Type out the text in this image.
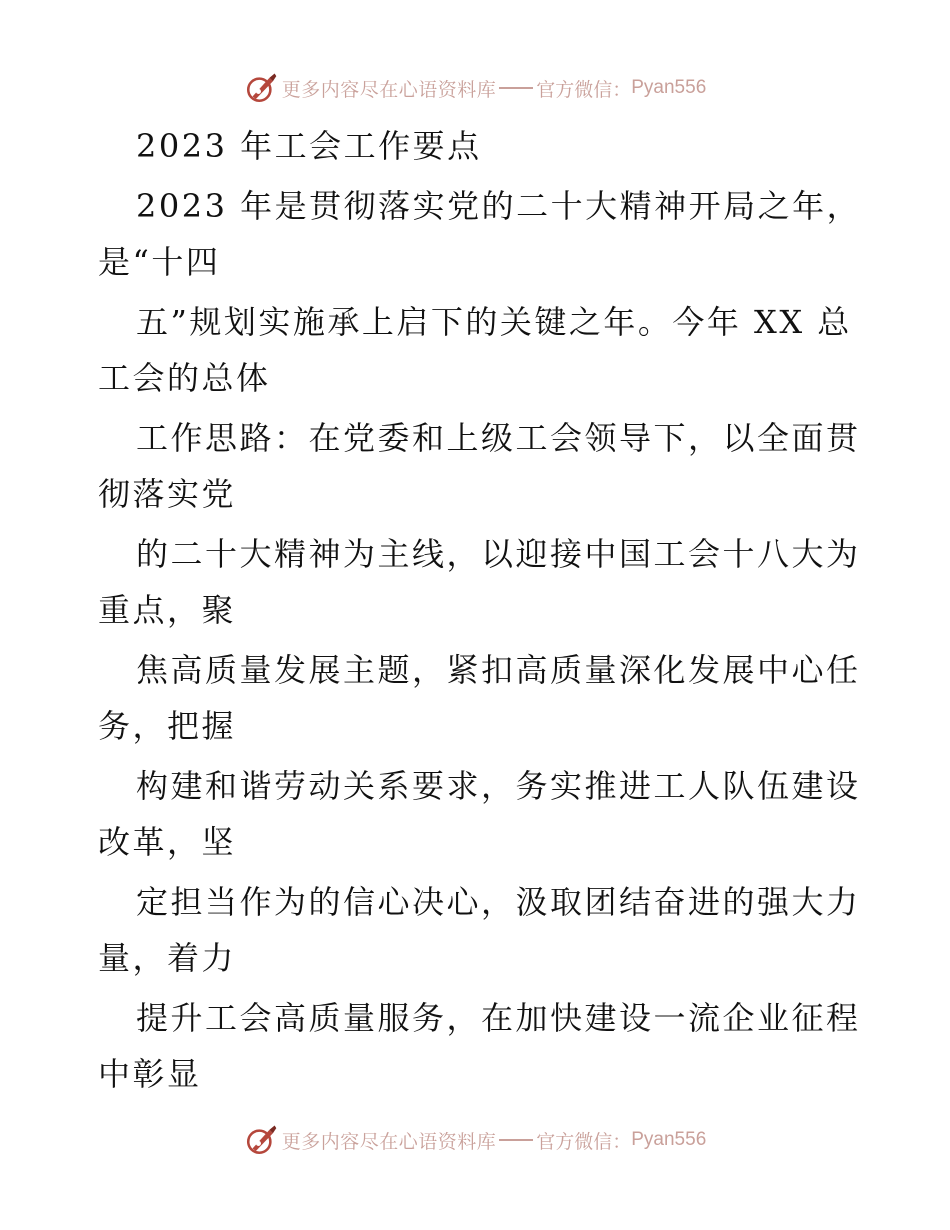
更多内容尽在心语资料库 官方微信： Pyan556
2023 年工会工作要点
2023 年是贯彻落实党的二十大精神开局之年，
是“十四
五”规划实施承上启下的关键之年。今年 XX 总
工会的总体
工作思路：在党委和上级工会领导下，以全面贯
彻落实党
的二十大精神为主线，以迎接中国工会十八大为
重点，聚
焦高质量发展主题，紧扣高质量深化发展中心任
务，把握
构建和谐劳动关系要求，务实推进工人队伍建设
改革，坚
定担当作为的信心决心，汲取团结奋进的强大力
量，着力
提升工会高质量服务，在加快建设一流企业征程
中彰显
更多内容尽在心语资料库 官方微信： Pyan556
